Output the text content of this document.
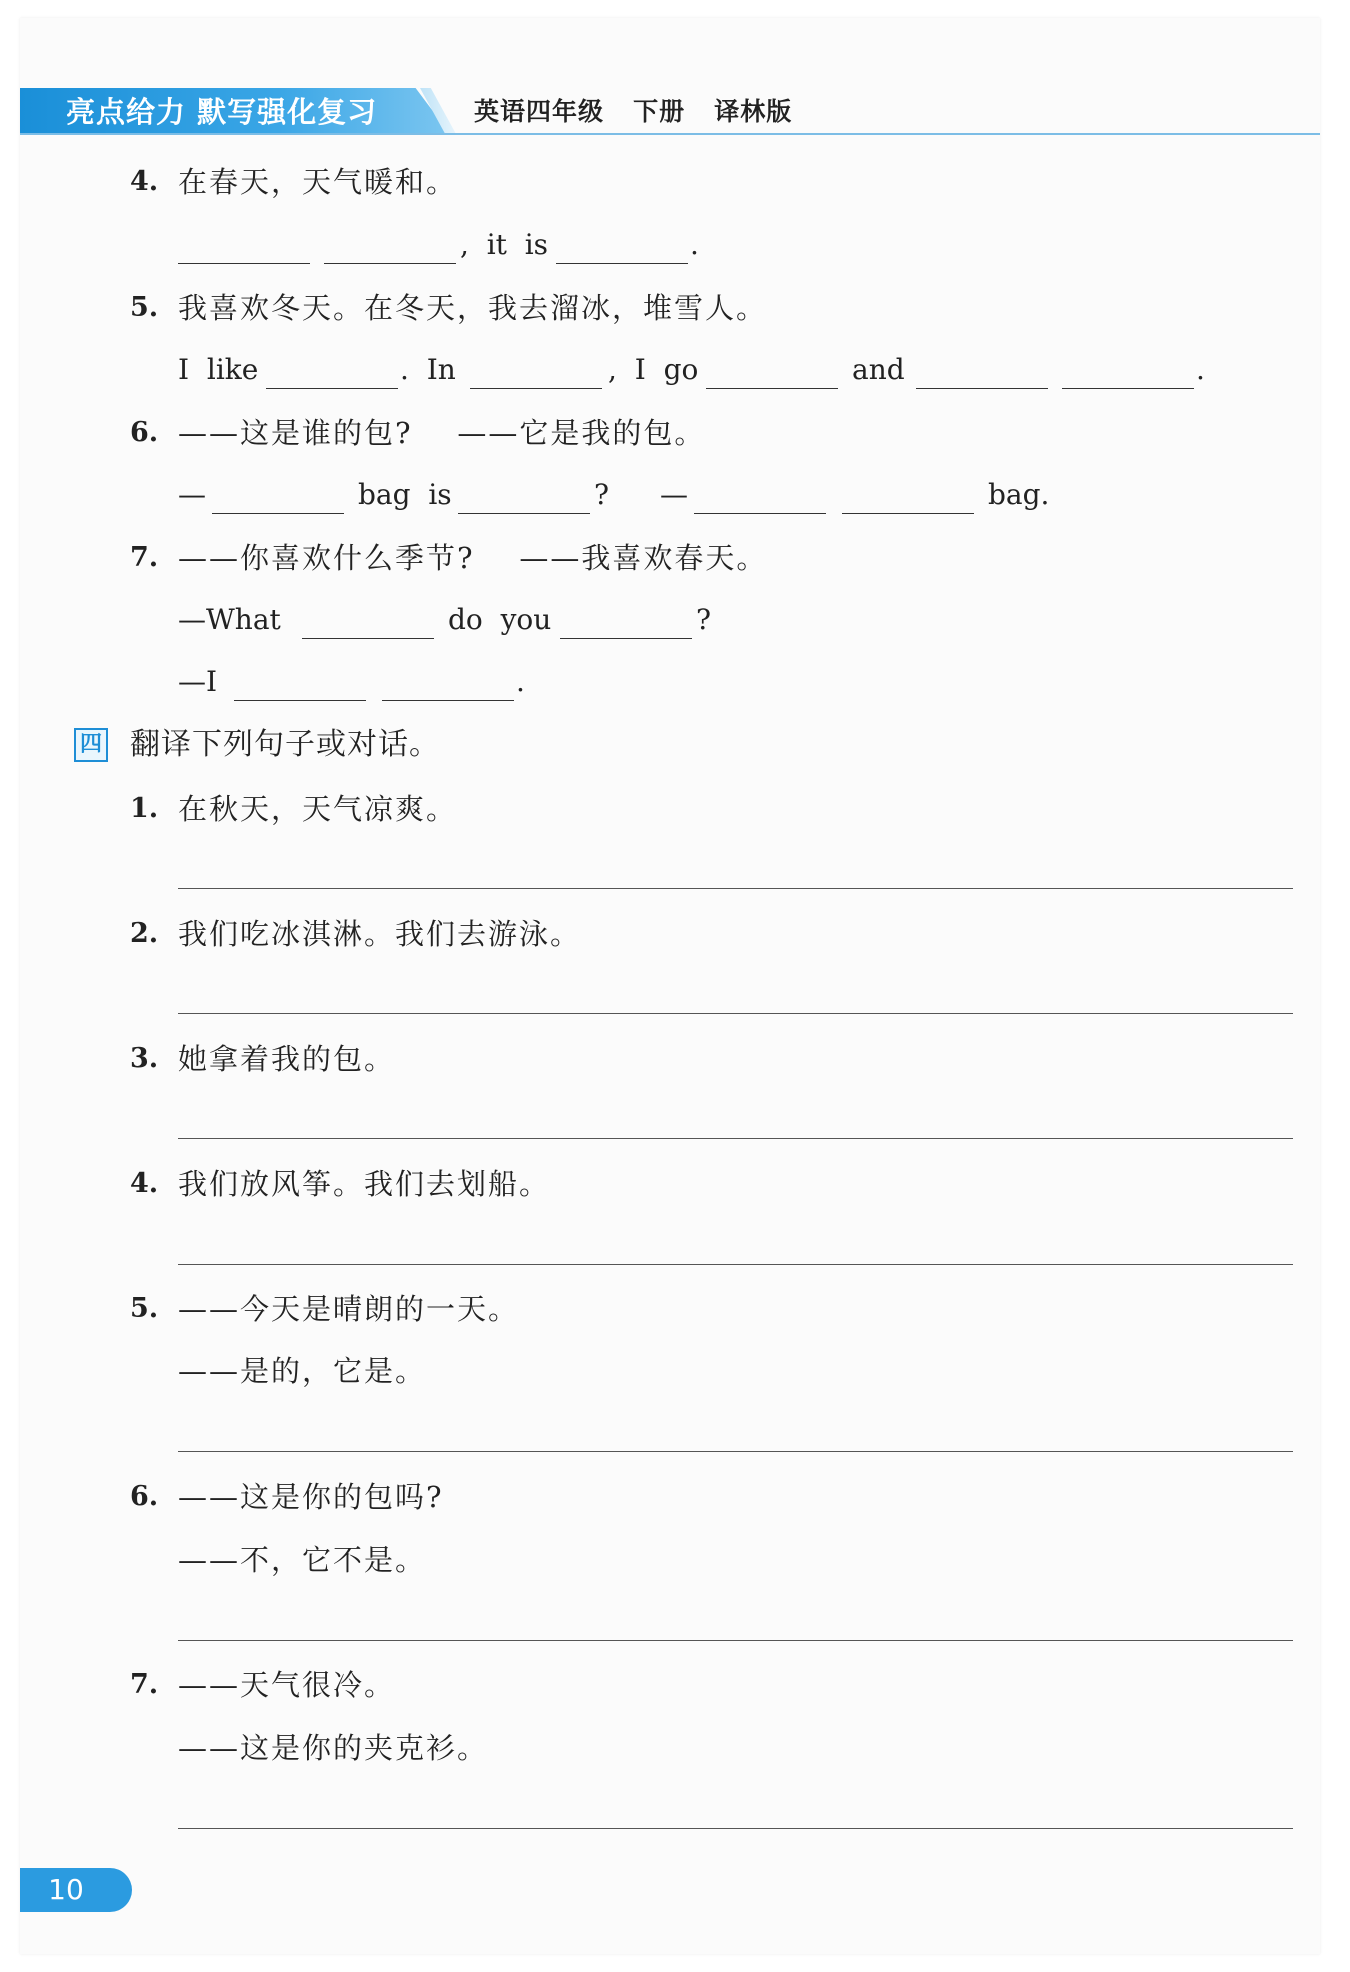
亮点给力 默写强化复习	英语四年级   下册   译林版
4. 在春天，天气暖和。
,  it  is	.
5. 我喜欢冬天。在冬天，我去溜冰，堆雪人。
I  like	.  In	,  I  go	and	.
6. ——这是谁的包?    ——它是我的包。
—	bag  is	? —	bag.
7. ——你喜欢什么季节?    ——我喜欢春天。
—What	do  you	?
—I	.
四 翻译下列句子或对话。
1. 在秋天，天气凉爽。
2. 我们吃冰淇淋。我们去游泳。
3. 她拿着我的包。
4. 我们放风筝。我们去划船。
5. ——今天是晴朗的一天。
——是的，它是。
6. ——这是你的包吗?
——不，它不是。
7. ——天气很冷。
——这是你的夹克衫。
10
